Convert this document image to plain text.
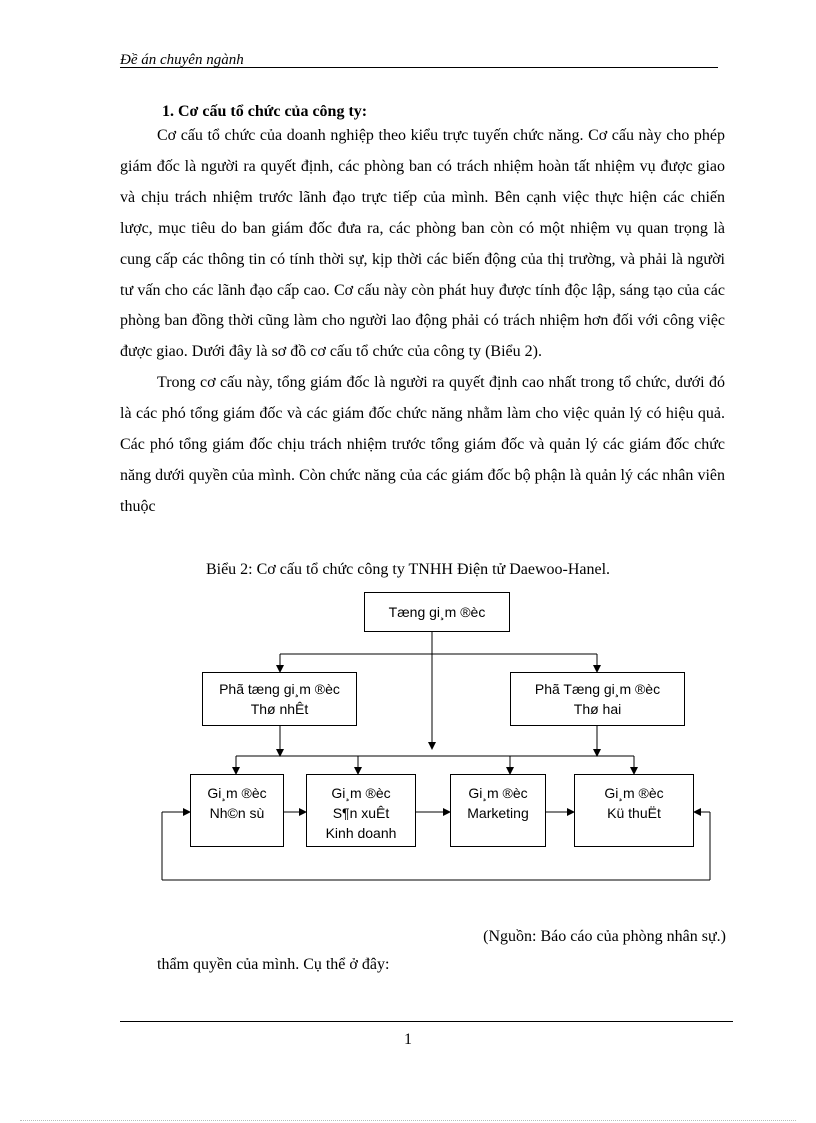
Đề án chuyên ngành
1. Cơ cấu tổ chức của công ty:

Cơ cấu tổ chức của doanh nghiệp theo kiểu trực tuyến chức năng. Cơ cấu này cho phép giám đốc là người ra quyết định, các phòng ban có trách nhiệm hoàn tất nhiệm vụ được giao và chịu trách nhiệm trước lãnh đạo trực tiếp của mình. Bên cạnh việc thực hiện các chiến lược, mục tiêu do ban giám đốc đưa ra, các phòng ban còn có một nhiệm vụ quan trọng là cung cấp các thông tin có tính thời sự, kịp thời các biến động của thị trường, và phải là người tư vấn cho các lãnh đạo cấp cao. Cơ cấu này còn phát huy được tính độc lập, sáng tạo của các phòng ban đồng thời cũng làm cho người lao động phải có trách nhiệm hơn đối với công việc được giao. Dưới đây là sơ đồ cơ cấu tổ chức của công ty (Biểu 2).

Trong cơ cấu này, tổng giám đốc là người ra quyết định cao nhất trong tổ chức, dưới đó là các phó tổng giám đốc và các giám đốc chức năng nhằm làm cho việc quản lý có hiệu quả. Các phó tổng giám đốc chịu trách nhiệm trước tổng giám đốc và quản lý các giám đốc chức năng dưới quyền của mình. Còn chức năng của các giám đốc bộ phận là quản lý các nhân viên thuộc

Biểu 2: Cơ cấu tổ chức công ty TNHH Điện tử Daewoo-Hanel.
Tæng gi¸m ®èc
Phã tæng gi¸m ®èc
Thø nhÊt
Phã Tæng gi¸m ®èc
Thø hai
Gi¸m ®èc
Nh©n sù
Gi¸m ®èc
S¶n xuÊt
Kinh doanh
Gi¸m ®èc
Marketing
Gi¸m ®èc
Kü thuËt
(Nguồn: Báo cáo của phòng nhân sự.)
thẩm quyền của mình. Cụ thể ở đây:
1
